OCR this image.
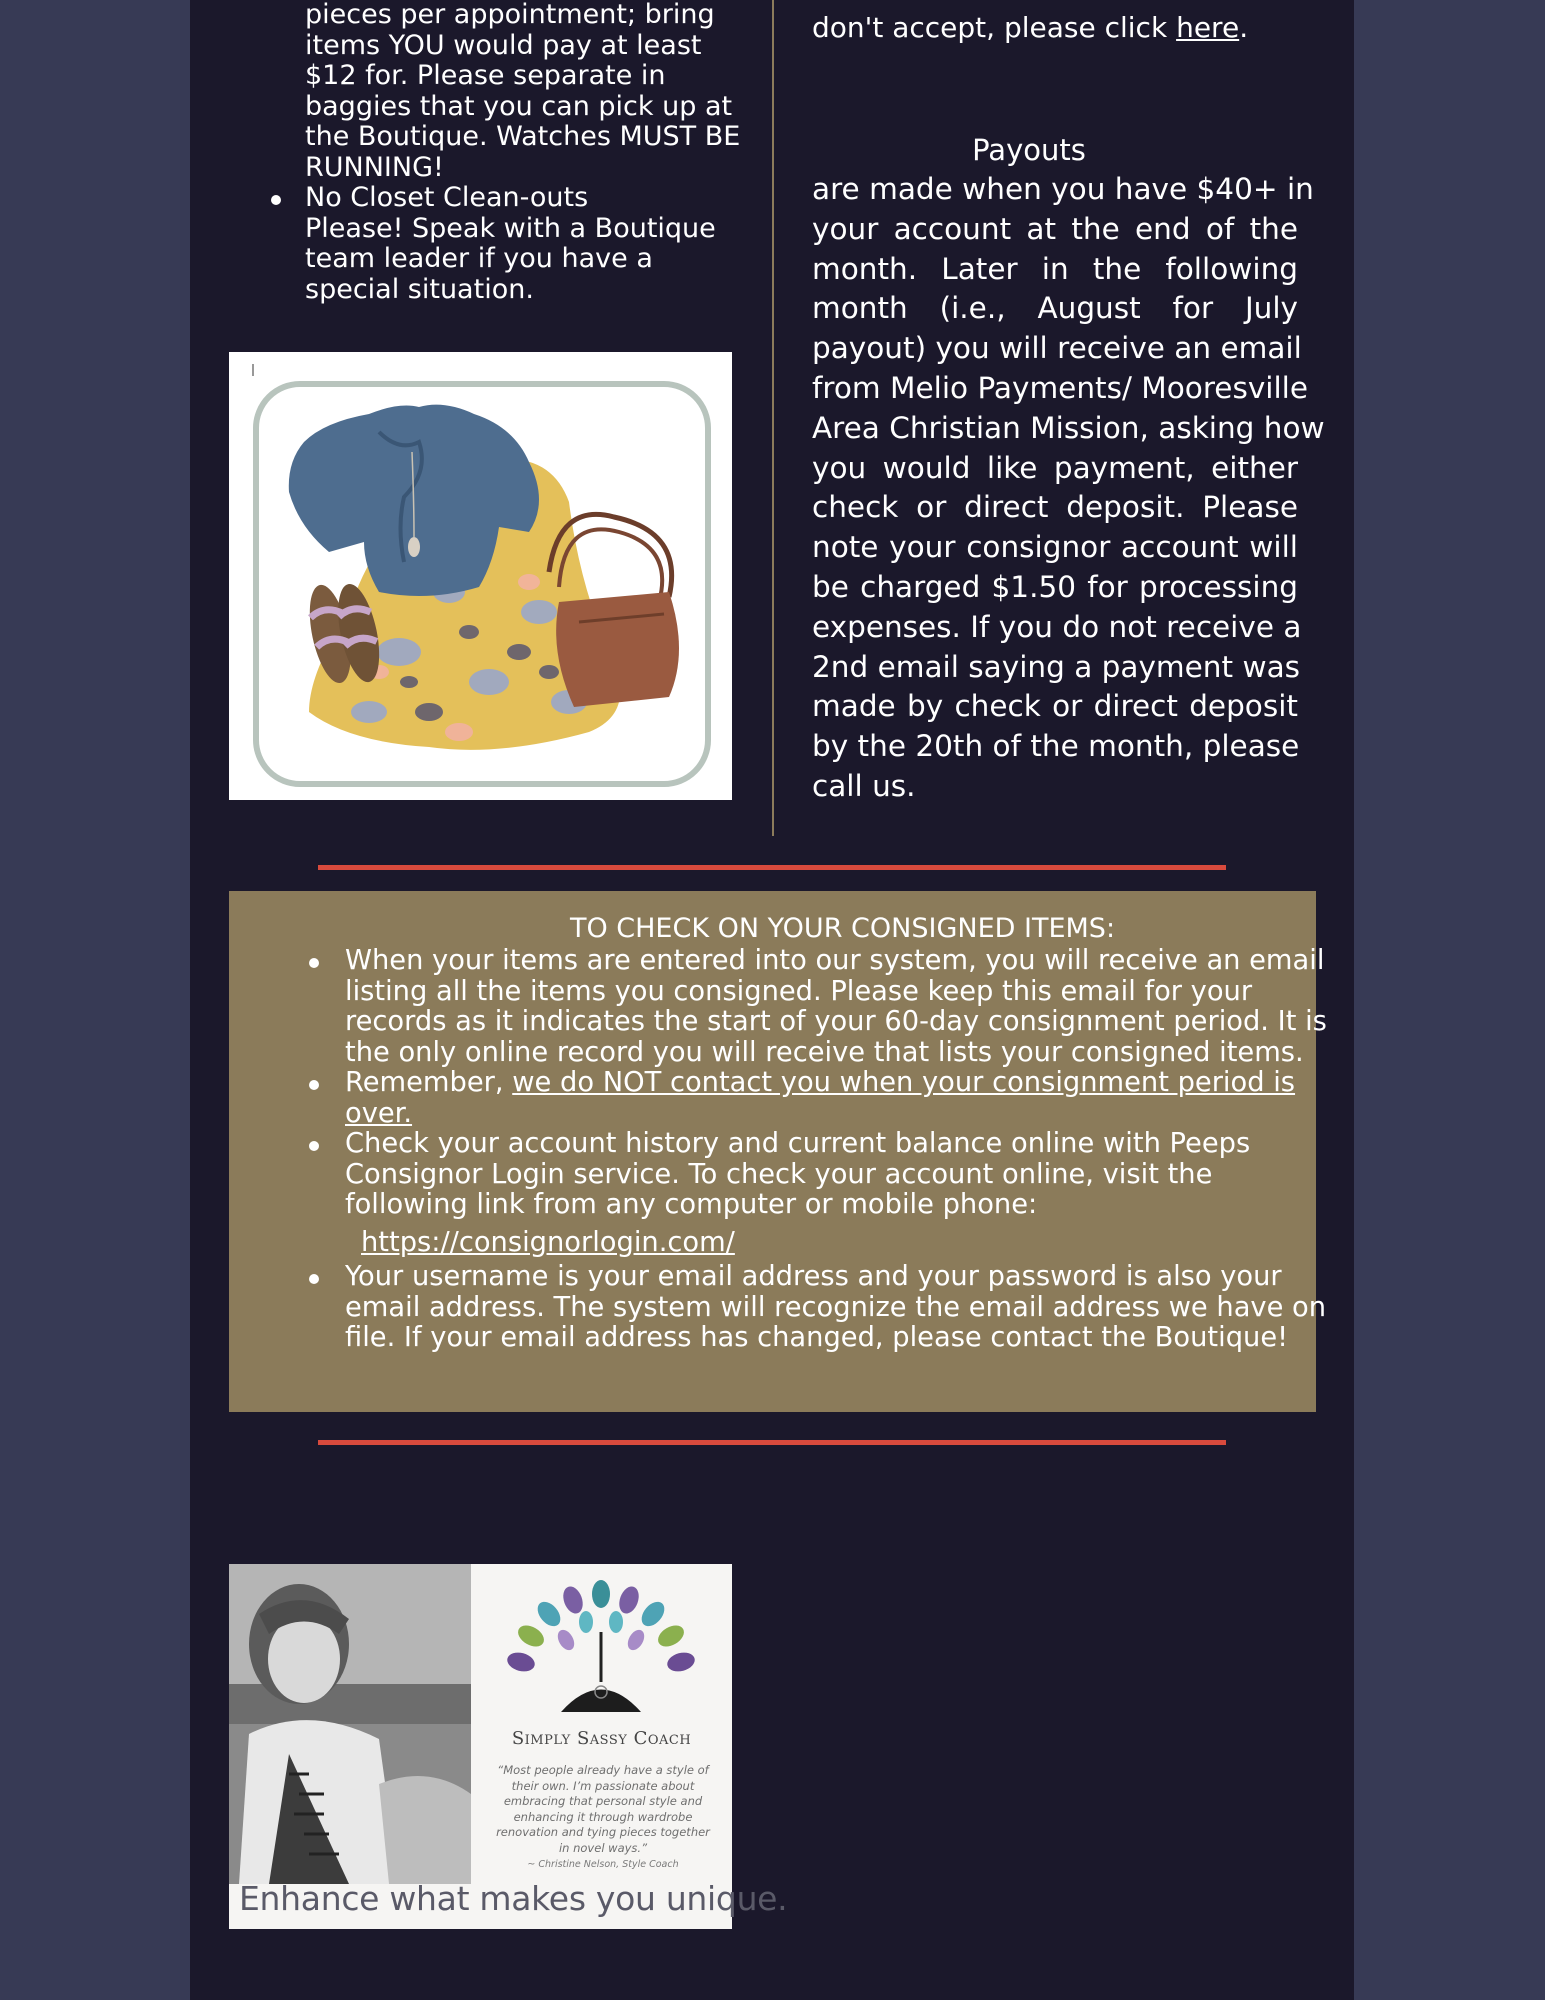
pieces per appointment; bring
items YOU would pay at least
$12 for. Please separate in
baggies that you can pick up at
the Boutique. Watches MUST BE
RUNNING!
No Closet Clean-outs
Please! Speak with a Boutique
team leader if you have a
special situation.
don't accept, please click here.
Payouts
are made when you have $40+ in
your account at the end of the
month. Later in the following
month (i.e., August for July
payout) you will receive an email
from Melio Payments/ Mooresville
Area Christian Mission, asking how
you would like payment, either
check or direct deposit. Please
note your consignor account will
be charged $1.50 for processing
expenses. If you do not receive a
2nd email saying a payment was
made by check or direct deposit
by the 20th of the month, please
call us.
TO CHECK ON YOUR CONSIGNED ITEMS:
When your items are entered into our system, you will receive an email
listing all the items you consigned. Please keep this email for your
records as it indicates the start of your 60-day consignment period. It is
the only online record you will receive that lists your consigned items.
Remember, we do NOT contact you when your consignment period is
over.
Check your account history and current balance online with Peeps
Consignor Login service. To check your account online, visit the
following link from any computer or mobile phone:
https://consignorlogin.com/
Your username is your email address and your password is also your
email address. The system will recognize the email address we have on
file. If your email address has changed, please contact the Boutique!
Simply Sassy Coach
“Most people already have a style of their own. I’m passionate about embracing that personal style and enhancing it through wardrobe renovation and tying pieces together in novel ways.”
~ Christine Nelson, Style Coach
Enhance what makes you unique.
